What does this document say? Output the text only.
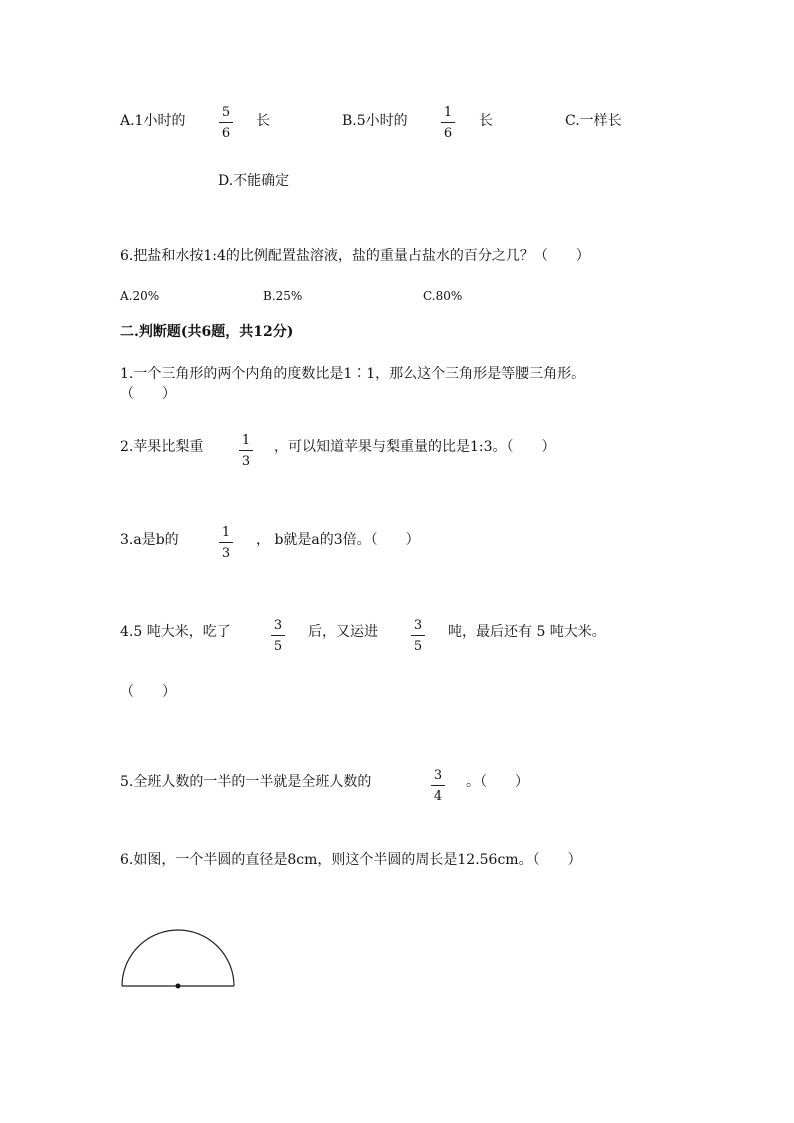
A.1小时的
5
6
长	B.5小时的
1
6
长	C.一样长
D.不能确定
6.把盐和水按1:4的比例配置盐溶液，盐的重量占盐水的百分之几？（　　）
A.20%	B.25%	C.80%
二.判断题(共6题，共12分)
1.一个三角形的两个内角的度数比是1∶1，那么这个三角形是等腰三角形。
（　　）
2.苹果比梨重	1
3
，可以知道苹果与梨重量的比是1:3。（　　）
3.a是b的	1
3
， b就是a的3倍。（　　）
4.5 吨大米，吃了	3
5
后，又运进	3
5
吨，最后还有 5 吨大米。
（　　）
5.全班人数的一半的一半就是全班人数的	3
4
。（　　）
6.如图，一个半圆的直径是8cm，则这个半圆的周长是12.56cm。（　　）
